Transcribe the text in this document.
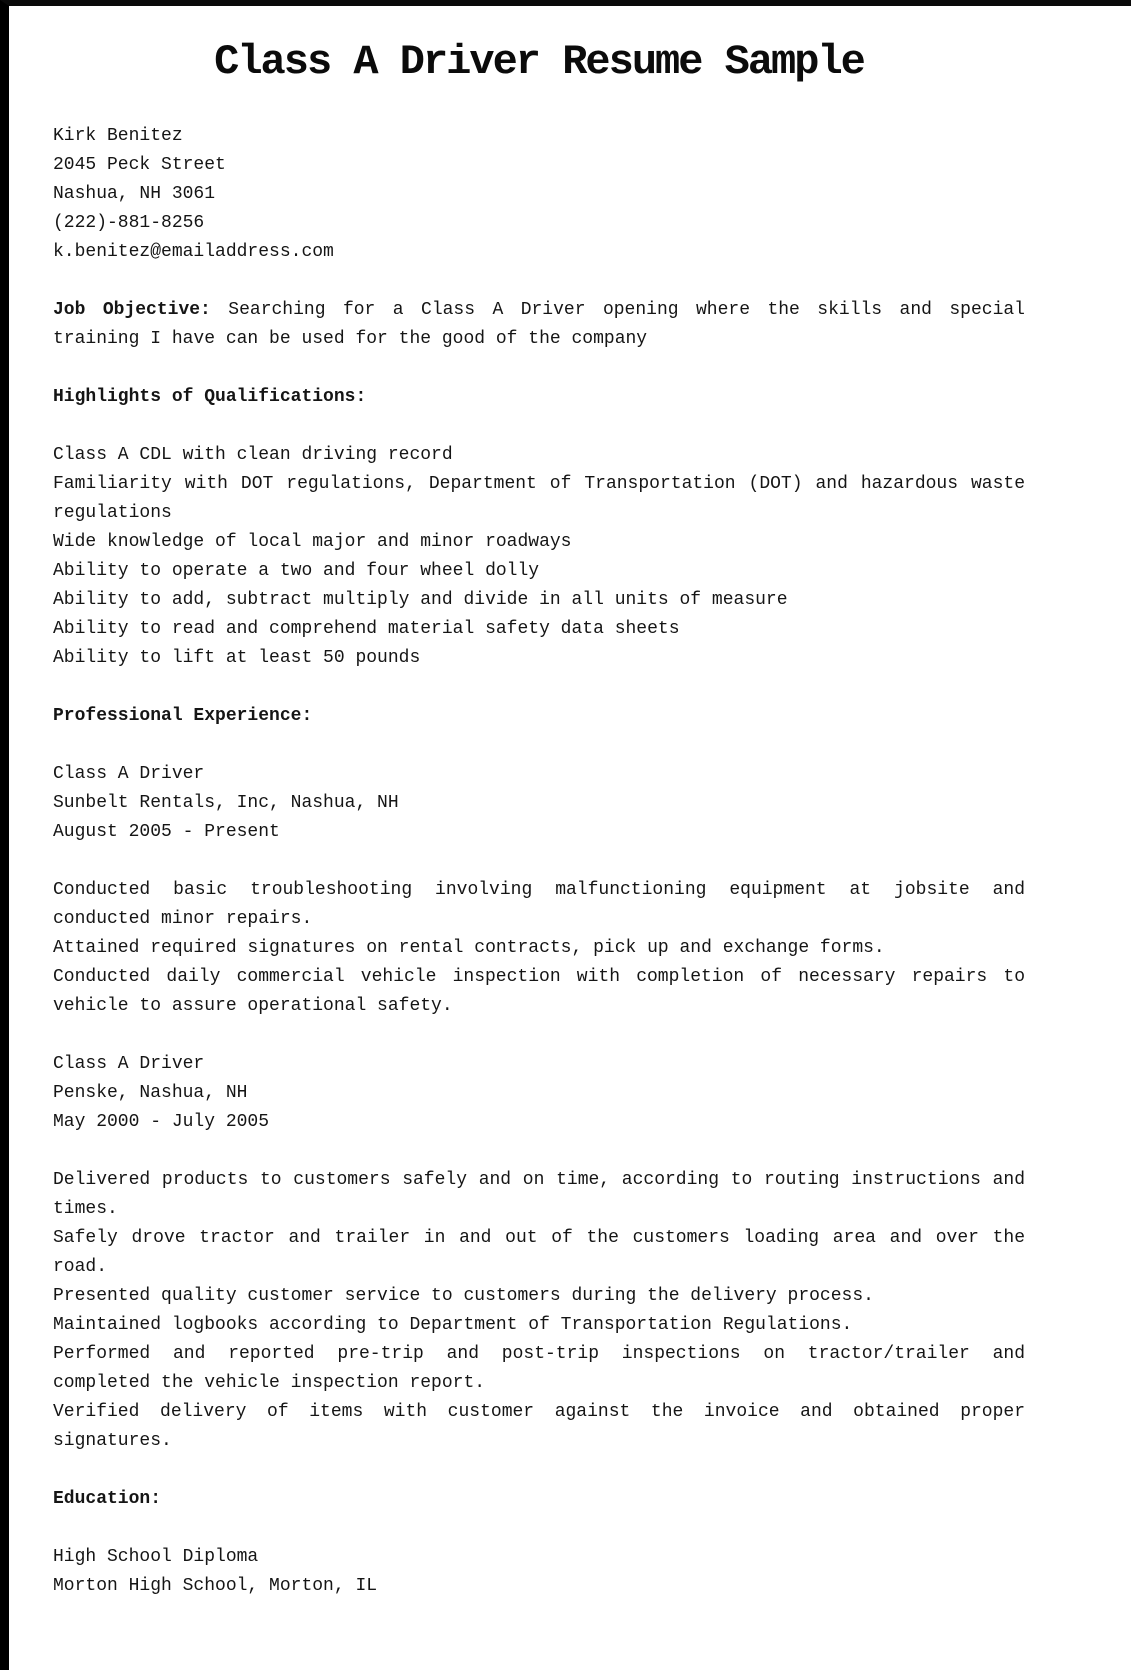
Class A Driver Resume Sample
Kirk Benitez
2045 Peck Street
Nashua, NH 3061
(222)-881-8256
k.benitez@emailaddress.com

Job Objective: Searching for a Class A Driver opening where the skills and special training I have can be used for the good of the company

Highlights of Qualifications:

Class A CDL with clean driving record
Familiarity with DOT regulations, Department of Transportation (DOT) and hazardous waste regulations
Wide knowledge of local major and minor roadways
Ability to operate a two and four wheel dolly
Ability to add, subtract multiply and divide in all units of measure
Ability to read and comprehend material safety data sheets
Ability to lift at least 50 pounds

Professional Experience:

Class A Driver
Sunbelt Rentals, Inc, Nashua, NH
August 2005 - Present
Conducted basic troubleshooting involving malfunctioning equipment at jobsite and conducted minor repairs.
Attained required signatures on rental contracts, pick up and exchange forms.
Conducted daily commercial vehicle inspection with completion of necessary repairs to vehicle to assure operational safety.
Class A Driver
Penske, Nashua, NH
May 2000 - July 2005
Delivered products to customers safely and on time, according to routing instructions and times.
Safely drove tractor and trailer in and out of the customers loading area and over the road.
Presented quality customer service to customers during the delivery process.
Maintained logbooks according to Department of Transportation Regulations.
Performed and reported pre-trip and post-trip inspections on tractor/trailer and completed the vehicle inspection report.
Verified delivery of items with customer against the invoice and obtained proper signatures.

Education:

High School Diploma
Morton High School, Morton, IL
